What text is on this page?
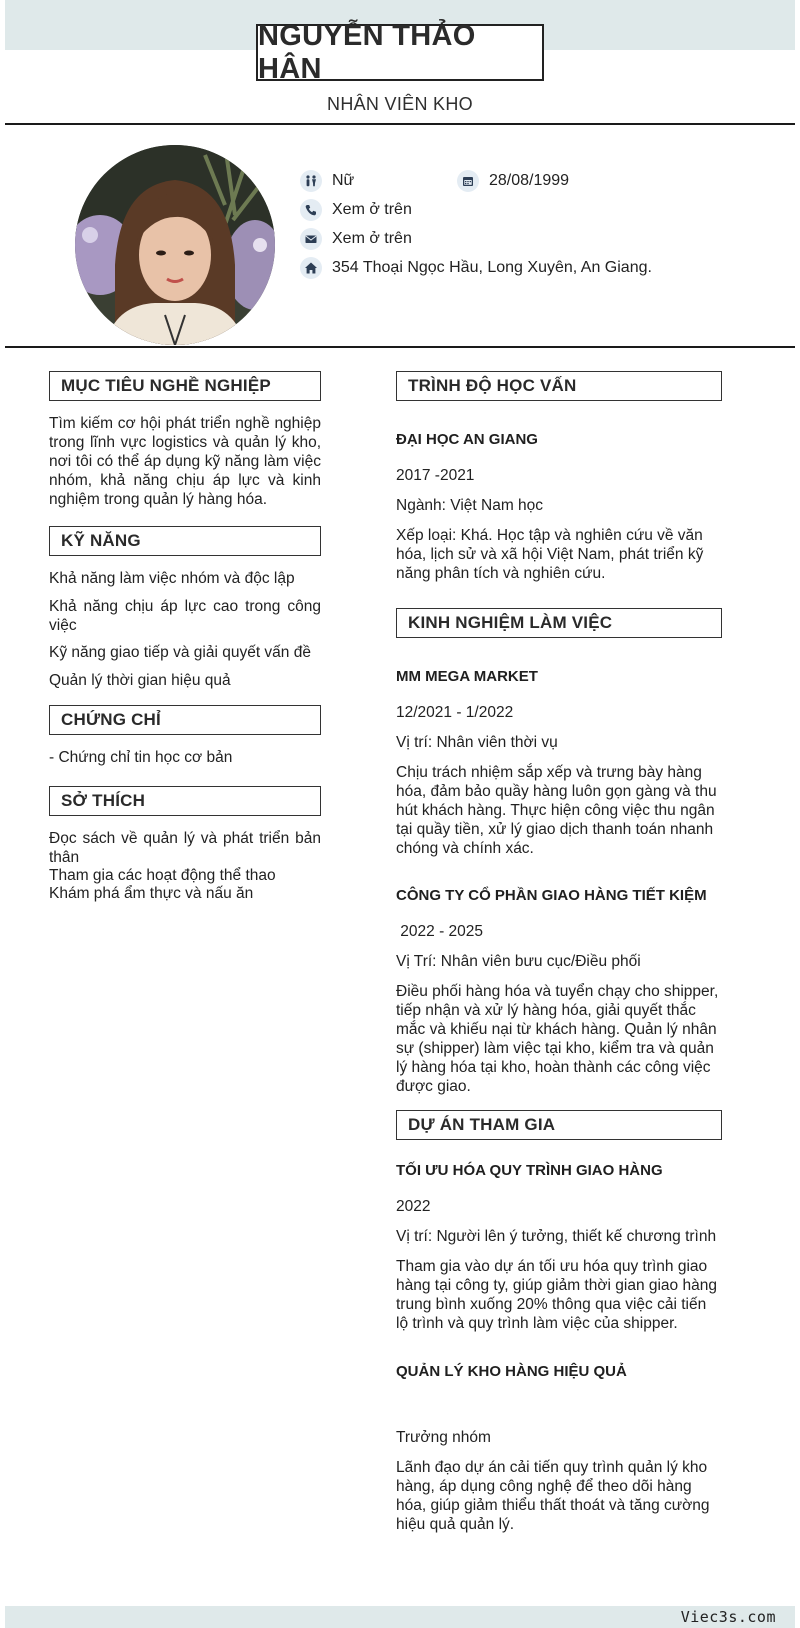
Viec3s.com
NGUYỄN THẢO HÂN
NHÂN VIÊN KHO
Nữ	28/08/1999
Xem ở trên
Xem ở trên
354 Thoại Ngọc Hầu, Long Xuyên, An Giang.
MỤC TIÊU NGHỀ NGHIỆP
Tìm kiếm cơ hội phát triển nghề nghiệp trong lĩnh vực logistics và quản lý kho, nơi tôi có thể áp dụng kỹ năng làm việc nhóm, khả năng chịu áp lực và kinh nghiệm trong quản lý hàng hóa.
KỸ NĂNG
Khả năng làm việc nhóm và độc lập
Khả năng chịu áp lực cao trong công việc
Kỹ năng giao tiếp và giải quyết vấn đề
Quản lý thời gian hiệu quả
CHỨNG CHỈ
- Chứng chỉ tin học cơ bản
SỞ THÍCH
Đọc sách về quản lý và phát triển bản thân
Tham gia các hoạt động thể thao
Khám phá ẩm thực và nấu ăn
TRÌNH ĐỘ HỌC VẤN
ĐẠI HỌC AN GIANG
2017 -2021
Ngành: Việt Nam học
Xếp loại: Khá. Học tập và nghiên cứu về văn hóa, lịch sử và xã hội Việt Nam, phát triển kỹ năng phân tích và nghiên cứu.
KINH NGHIỆM LÀM VIỆC
MM MEGA MARKET
12/2021 - 1/2022
Vị trí: Nhân viên thời vụ
Chịu trách nhiệm sắp xếp và trưng bày hàng hóa, đảm bảo quầy hàng luôn gọn gàng và thu hút khách hàng. Thực hiện công việc thu ngân tại quầy tiền, xử lý giao dịch thanh toán nhanh chóng và chính xác.
CÔNG TY CỔ PHẦN GIAO HÀNG TIẾT KIỆM
2022 - 2025
Vị Trí: Nhân viên bưu cục/Điều phối
Điều phối hàng hóa và tuyển chạy cho shipper, tiếp nhận và xử lý hàng hóa, giải quyết thắc mắc và khiếu nại từ khách hàng. Quản lý nhân sự (shipper) làm việc tại kho, kiểm tra và quản lý hàng hóa tại kho, hoàn thành các công việc được giao.
DỰ ÁN THAM GIA
TỐI ƯU HÓA QUY TRÌNH GIAO HÀNG
2022
Vị trí: Người lên ý tưởng, thiết kế chương trình
Tham gia vào dự án tối ưu hóa quy trình giao hàng tại công ty, giúp giảm thời gian giao hàng trung bình xuống 20% thông qua việc cải tiến lộ trình và quy trình làm việc của shipper.
QUẢN LÝ KHO HÀNG HIỆU QUẢ
Trưởng nhóm
Lãnh đạo dự án cải tiến quy trình quản lý kho hàng, áp dụng công nghệ để theo dõi hàng hóa, giúp giảm thiểu thất thoát và tăng cường hiệu quả quản lý.
